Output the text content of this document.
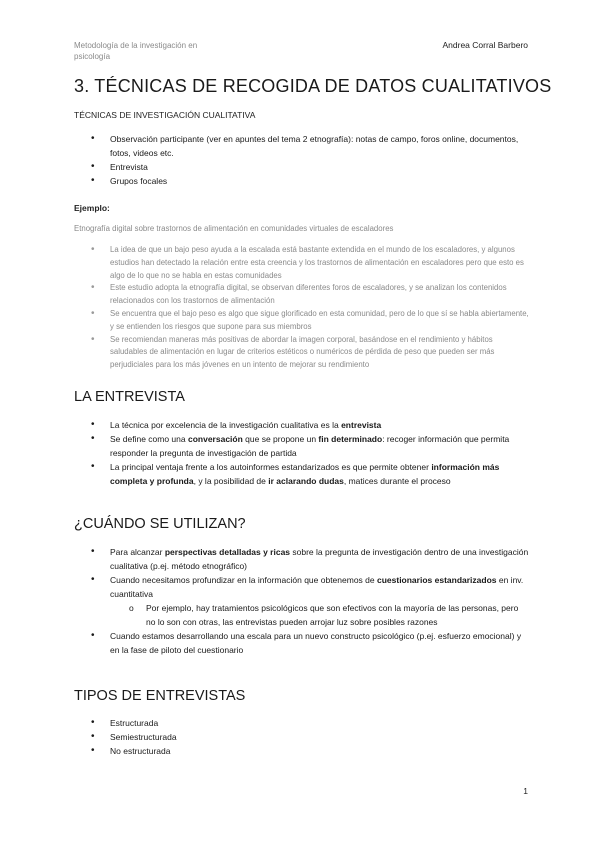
Metodología de la investigación en
psicología
Andrea Corral Barbero
3. TÉCNICAS DE RECOGIDA DE DATOS CUALITATIVOS
TÉCNICAS DE INVESTIGACIÓN CUALITATIVA
• Observación participante (ver en apuntes del tema 2 etnografía): notas de campo, foros online, documentos, fotos, videos etc.
• Entrevista
• Grupos focales
Ejemplo:
Etnografía digital sobre trastornos de alimentación en comunidades virtuales de escaladores
• La idea de que un bajo peso ayuda a la escalada está bastante extendida en el mundo de los escaladores, y algunos estudios han detectado la relación entre esta creencia y los trastornos de alimentación en escaladores pero que esto es algo de lo que no se habla en estas comunidades
• Este estudio adopta la etnografía digital, se observan diferentes foros de escaladores, y se analizan los contenidos relacionados con los trastornos de alimentación
• Se encuentra que el bajo peso es algo que sigue glorificado en esta comunidad, pero de lo que sí se habla abiertamente, y se entienden los riesgos que supone para sus miembros
• Se recomiendan maneras más positivas de abordar la imagen corporal, basándose en el rendimiento y hábitos saludables de alimentación en lugar de criterios estéticos o numéricos de pérdida de peso que pueden ser más perjudiciales para los más jóvenes en un intento de mejorar su rendimiento
LA ENTREVISTA
• La técnica por excelencia de la investigación cualitativa es la entrevista
• Se define como una conversación que se propone un fin determinado: recoger información que permita responder la pregunta de investigación de partida
• La principal ventaja frente a los autoinformes estandarizados es que permite obtener información más completa y profunda, y la posibilidad de ir aclarando dudas, matices durante el proceso
¿CUÁNDO SE UTILIZAN?
• Para alcanzar perspectivas detalladas y ricas sobre la pregunta de investigación dentro de una investigación cualitativa (p.ej. método etnográfico)
• Cuando necesitamos profundizar en la información que obtenemos de cuestionarios estandarizados en inv. cuantitativa
o Por ejemplo, hay tratamientos psicológicos que son efectivos con la mayoría de las personas, pero no lo son con otras, las entrevistas pueden arrojar luz sobre posibles razones
• Cuando estamos desarrollando una escala para un nuevo constructo psicológico (p.ej. esfuerzo emocional) y en la fase de piloto del cuestionario
TIPOS DE ENTREVISTAS
• Estructurada
• Semiestructurada
• No estructurada
1
